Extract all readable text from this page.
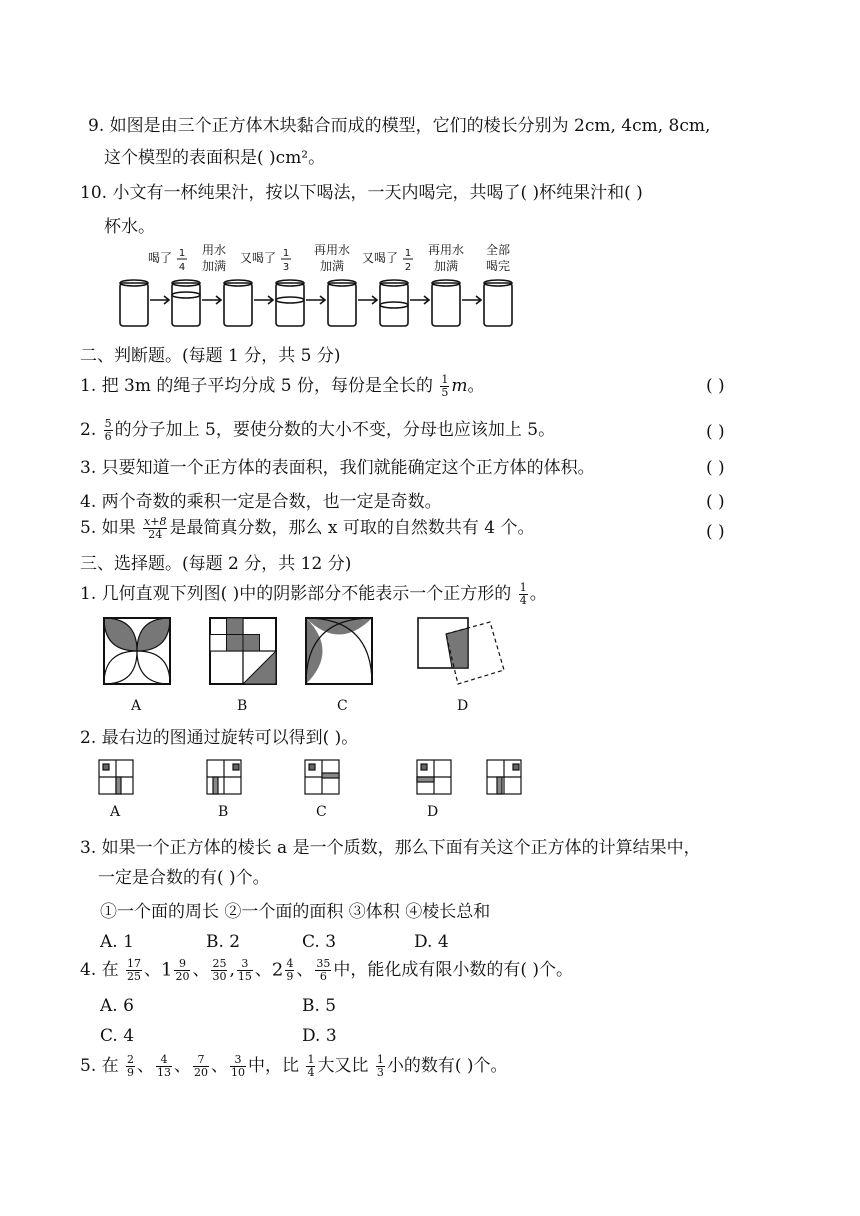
9. 如图是由三个正方体木块黏合而成的模型，它们的棱长分别为 2cm, 4cm, 8cm,
这个模型的表面积是( )cm²。
10. 小文有一杯纯果汁，按以下喝法，一天内喝完，共喝了( )杯纯果汁和( )
杯水。
喝了 1
4
用水
加满
又喝了 1
3
再用水
加满
又喝了 1
2
再用水
加满
全部
喝完
二、判断题。(每题 1 分，共 5 分)
1. 把 3m 的绳子平均分成 5 份，每份是全长的 $\frac{1}{5}$ m。	( )
2. $\frac{5}{6}$ 的分子加上 5，要使分数的大小不变，分母也应该加上 5。	( )
3. 只要知道一个正方体的表面积，我们就能确定这个正方体的体积。	( )
4. 两个奇数的乘积一定是合数，也一定是奇数。	( )
5. 如果 $\frac{x+8}{24}$ 是最简真分数，那么 x 可取的自然数共有 4 个。	( )
三、选择题。(每题 2 分，共 12 分)
1. 几何直观下列图( )中的阴影部分不能表示一个正方形的 $\frac{1}{4}$ 。
A	B	C	D
2. 最右边的图通过旋转可以得到( )。
A	B	C	D
3. 如果一个正方体的棱长 a 是一个质数，那么下面有关这个正方体的计算结果中，
一定是合数的有( )个。
①一个面的周长 ②一个面的面积 ③体积 ④棱长总和
A. 1	B. 2	C. 3	D. 4
4. 在 $\frac{17}{25}$ 、$1 \frac{9}{20}$ 、 $\frac{25}{30}$ , $\frac{3}{15}$ 、$2 \frac{4}{9}$ 、 $\frac{35}{6}$ 中，能化成有限小数的有( )个。
A. 6	B. 5
C. 4	D. 3
5. 在 $\frac{2}{9}$ 、 $\frac{4}{13}$ 、 $\frac{7}{20}$ 、 $\frac{3}{10}$ 中，比 $\frac{1}{4}$ 大又比 $\frac{1}{3}$ 小的数有( )个。
